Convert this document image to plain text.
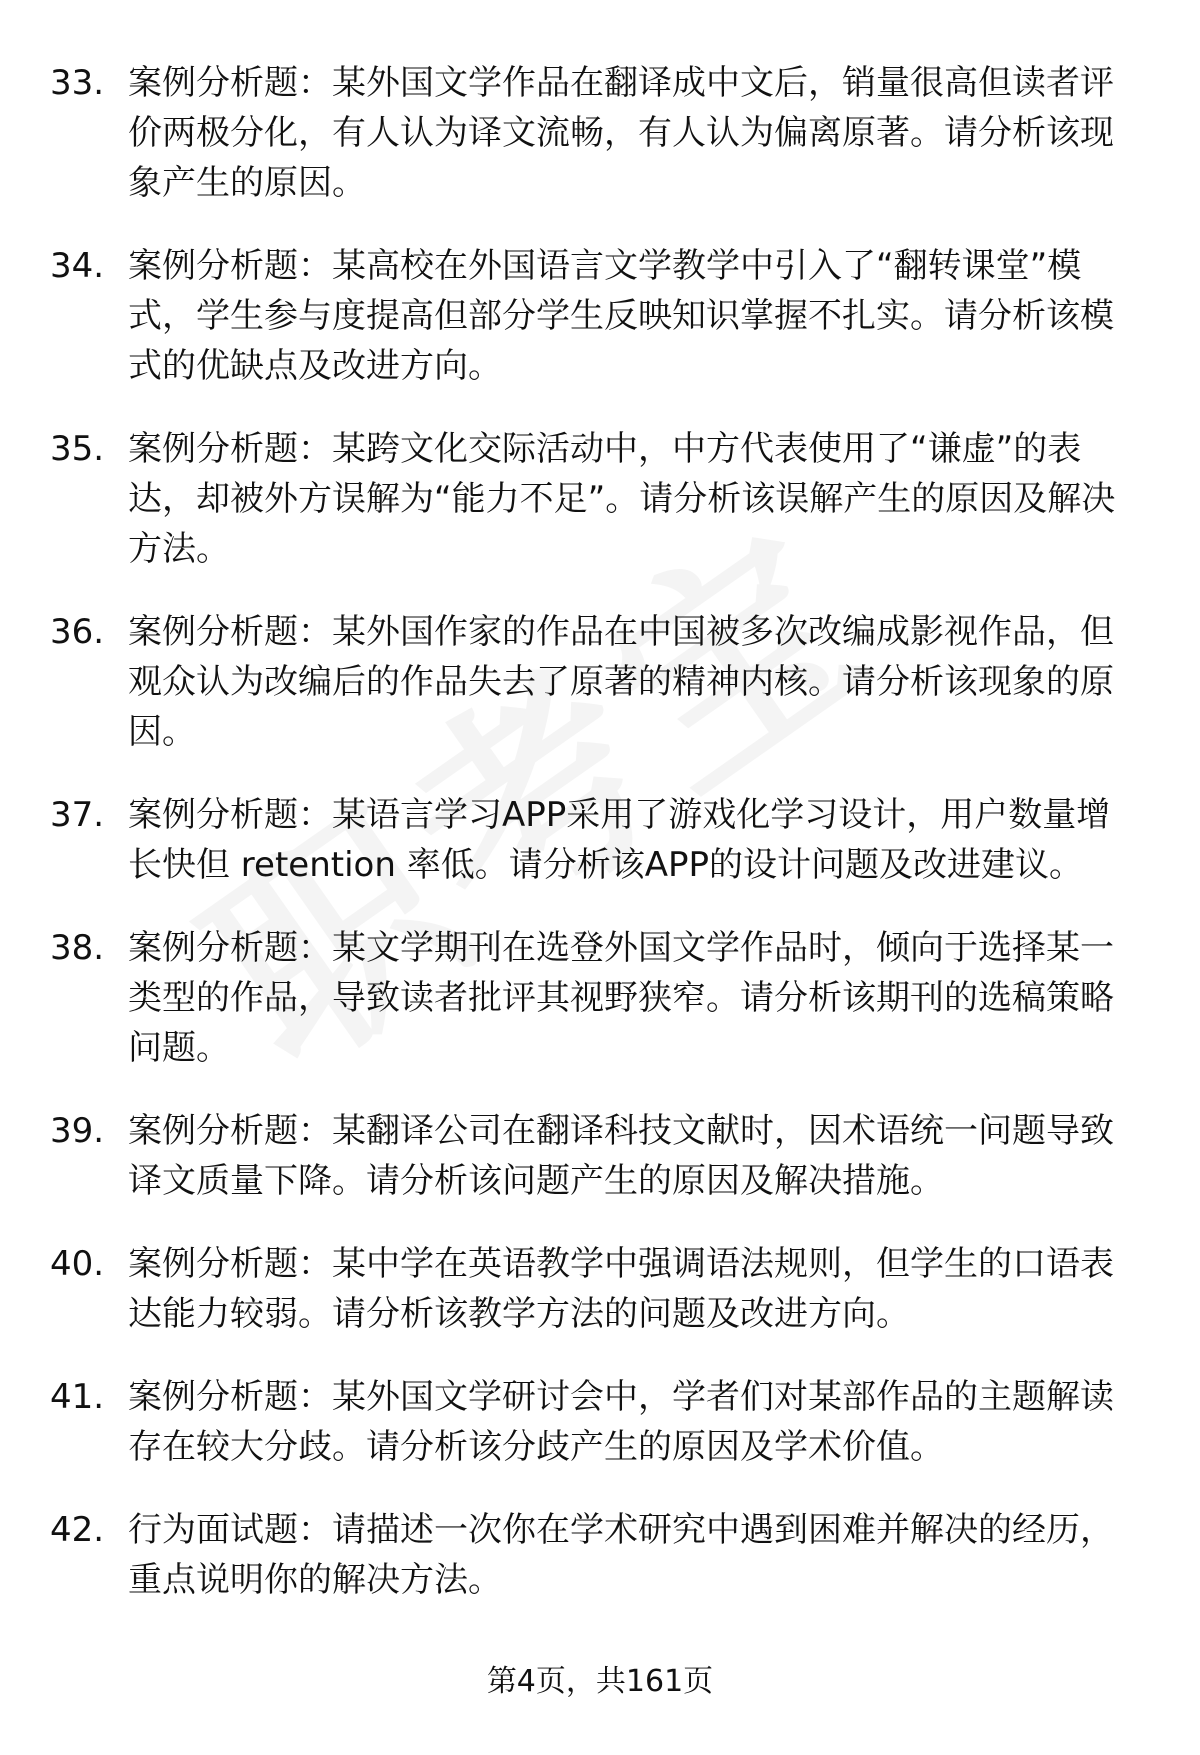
33. 案例分析题：某外国文学作品在翻译成中文后，销量很高但读者评价两极分化，有人认为译文流畅，有人认为偏离原著。请分析该现象产生的原因。
34. 案例分析题：某高校在外国语言文学教学中引入了“翻转课堂”模式，学生参与度提高但部分学生反映知识掌握不扎实。请分析该模式的优缺点及改进方向。
35. 案例分析题：某跨文化交际活动中，中方代表使用了“谦虚”的表达，却被外方误解为“能力不足”。请分析该误解产生的原因及解决方法。
36. 案例分析题：某外国作家的作品在中国被多次改编成影视作品，但观众认为改编后的作品失去了原著的精神内核。请分析该现象的原因。
37. 案例分析题：某语言学习APP采用了游戏化学习设计，用户数量增长快但 retention 率低。请分析该APP的设计问题及改进建议。
38. 案例分析题：某文学期刊在选登外国文学作品时，倾向于选择某一类型的作品，导致读者批评其视野狭窄。请分析该期刊的选稿策略问题。
39. 案例分析题：某翻译公司在翻译科技文献时，因术语统一问题导致译文质量下降。请分析该问题产生的原因及解决措施。
40. 案例分析题：某中学在英语教学中强调语法规则，但学生的口语表达能力较弱。请分析该教学方法的问题及改进方向。
41. 案例分析题：某外国文学研讨会中，学者们对某部作品的主题解读存在较大分歧。请分析该分歧产生的原因及学术价值。
42. 行为面试题：请描述一次你在学术研究中遇到困难并解决的经历，重点说明你的解决方法。
第4页，共161页
